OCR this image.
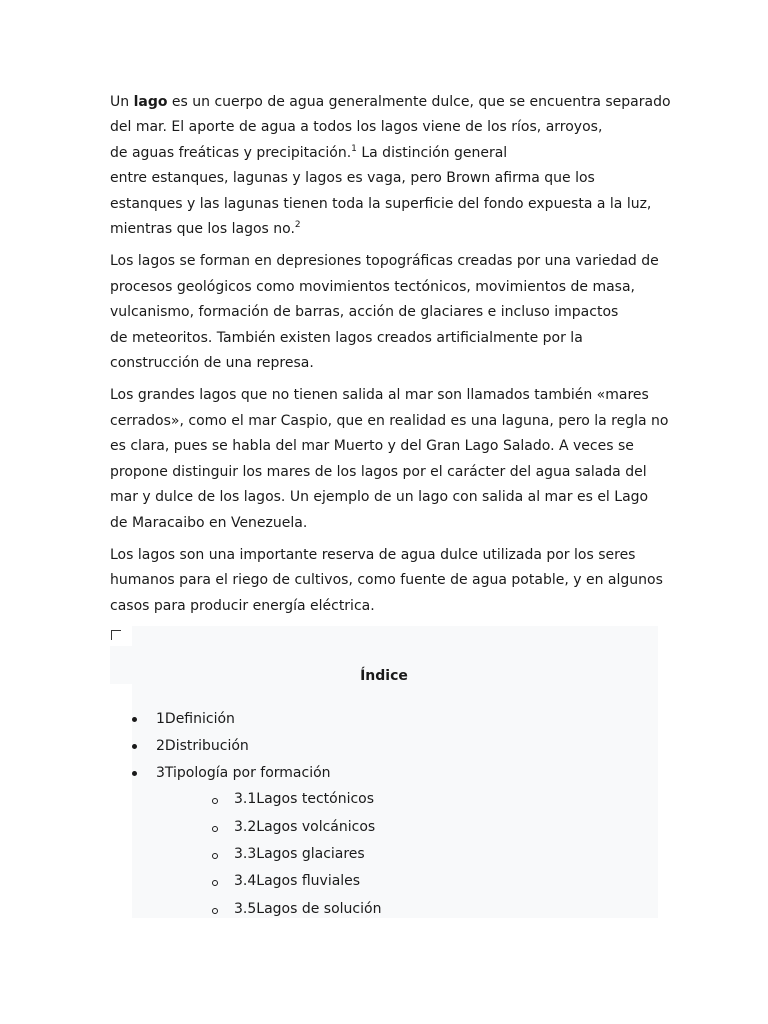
Un lago es un cuerpo de agua generalmente dulce, que se encuentra separado
del mar. El aporte de agua a todos los lagos viene de los ríos, arroyos,
de aguas freáticas y precipitación.$^1$ La distinción general
entre estanques, lagunas y lagos es vaga, pero Brown afirma que los
estanques y las lagunas tienen toda la superficie del fondo expuesta a la luz,
mientras que los lagos no.$^2$
Los lagos se forman en depresiones topográficas creadas por una variedad de
procesos geológicos como movimientos tectónicos, movimientos de masa,
vulcanismo, formación de barras, acción de glaciares e incluso impactos
de meteoritos. También existen lagos creados artificialmente por la
construcción de una represa.
Los grandes lagos que no tienen salida al mar son llamados también «mares
cerrados», como el mar Caspio, que en realidad es una laguna, pero la regla no
es clara, pues se habla del mar Muerto y del Gran Lago Salado. A veces se
propone distinguir los mares de los lagos por el carácter del agua salada del
mar y dulce de los lagos. Un ejemplo de un lago con salida al mar es el Lago
de Maracaibo en Venezuela.
Los lagos son una importante reserva de agua dulce utilizada por los seres
humanos para el riego de cultivos, como fuente de agua potable, y en algunos
casos para producir energía eléctrica.
Índice
1Definición
2Distribución
3Tipología por formación
3.1Lagos tectónicos
3.2Lagos volcánicos
3.3Lagos glaciares
3.4Lagos fluviales
3.5Lagos de solución
